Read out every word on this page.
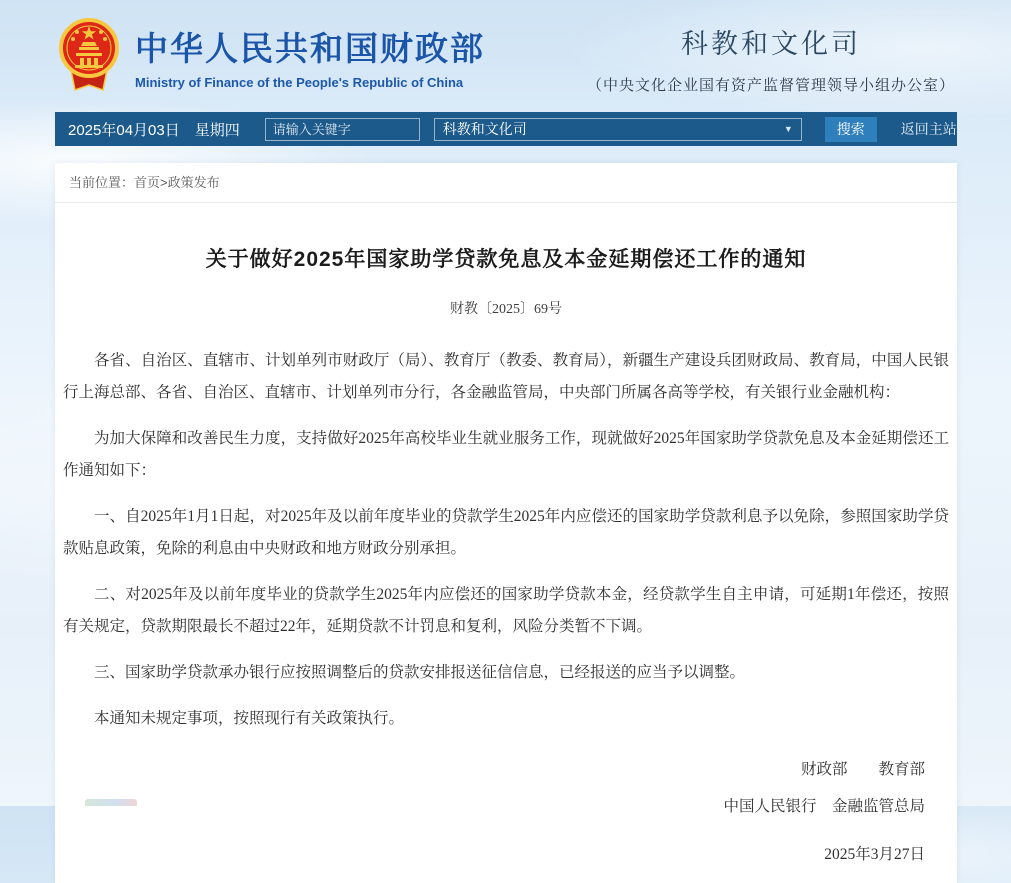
中华人民共和国财政部
Ministry of Finance of the People's Republic of China
科教和文化司
（中央文化企业国有资产监督管理领导小组办公室）
2025年04月03日　星期四
请输入关键字	科教和文化司	▼	搜索	返回主站
当前位置：首页>政策发布
关于做好2025年国家助学贷款免息及本金延期偿还工作的通知
财教〔2025〕69号

各省、自治区、直辖市、计划单列市财政厅（局）、教育厅（教委、教育局），新疆生产建设兵团财政局、教育局，中国人民银行上海总部、各省、自治区、直辖市、计划单列市分行，各金融监管局，中央部门所属各高等学校，有关银行业金融机构：

为加大保障和改善民生力度，支持做好2025年高校毕业生就业服务工作，现就做好2025年国家助学贷款免息及本金延期偿还工作通知如下：

一、自2025年1月1日起，对2025年及以前年度毕业的贷款学生2025年内应偿还的国家助学贷款利息予以免除，参照国家助学贷款贴息政策，免除的利息由中央财政和地方财政分别承担。

二、对2025年及以前年度毕业的贷款学生2025年内应偿还的国家助学贷款本金，经贷款学生自主申请，可延期1年偿还，按照有关规定，贷款期限最长不超过22年，延期贷款不计罚息和复利，风险分类暂不下调。

三、国家助学贷款承办银行应按照调整后的贷款安排报送征信信息，已经报送的应当予以调整。

本通知未规定事项，按照现行有关政策执行。

财政部　　教育部
中国人民银行　金融监管总局
2025年3月27日
